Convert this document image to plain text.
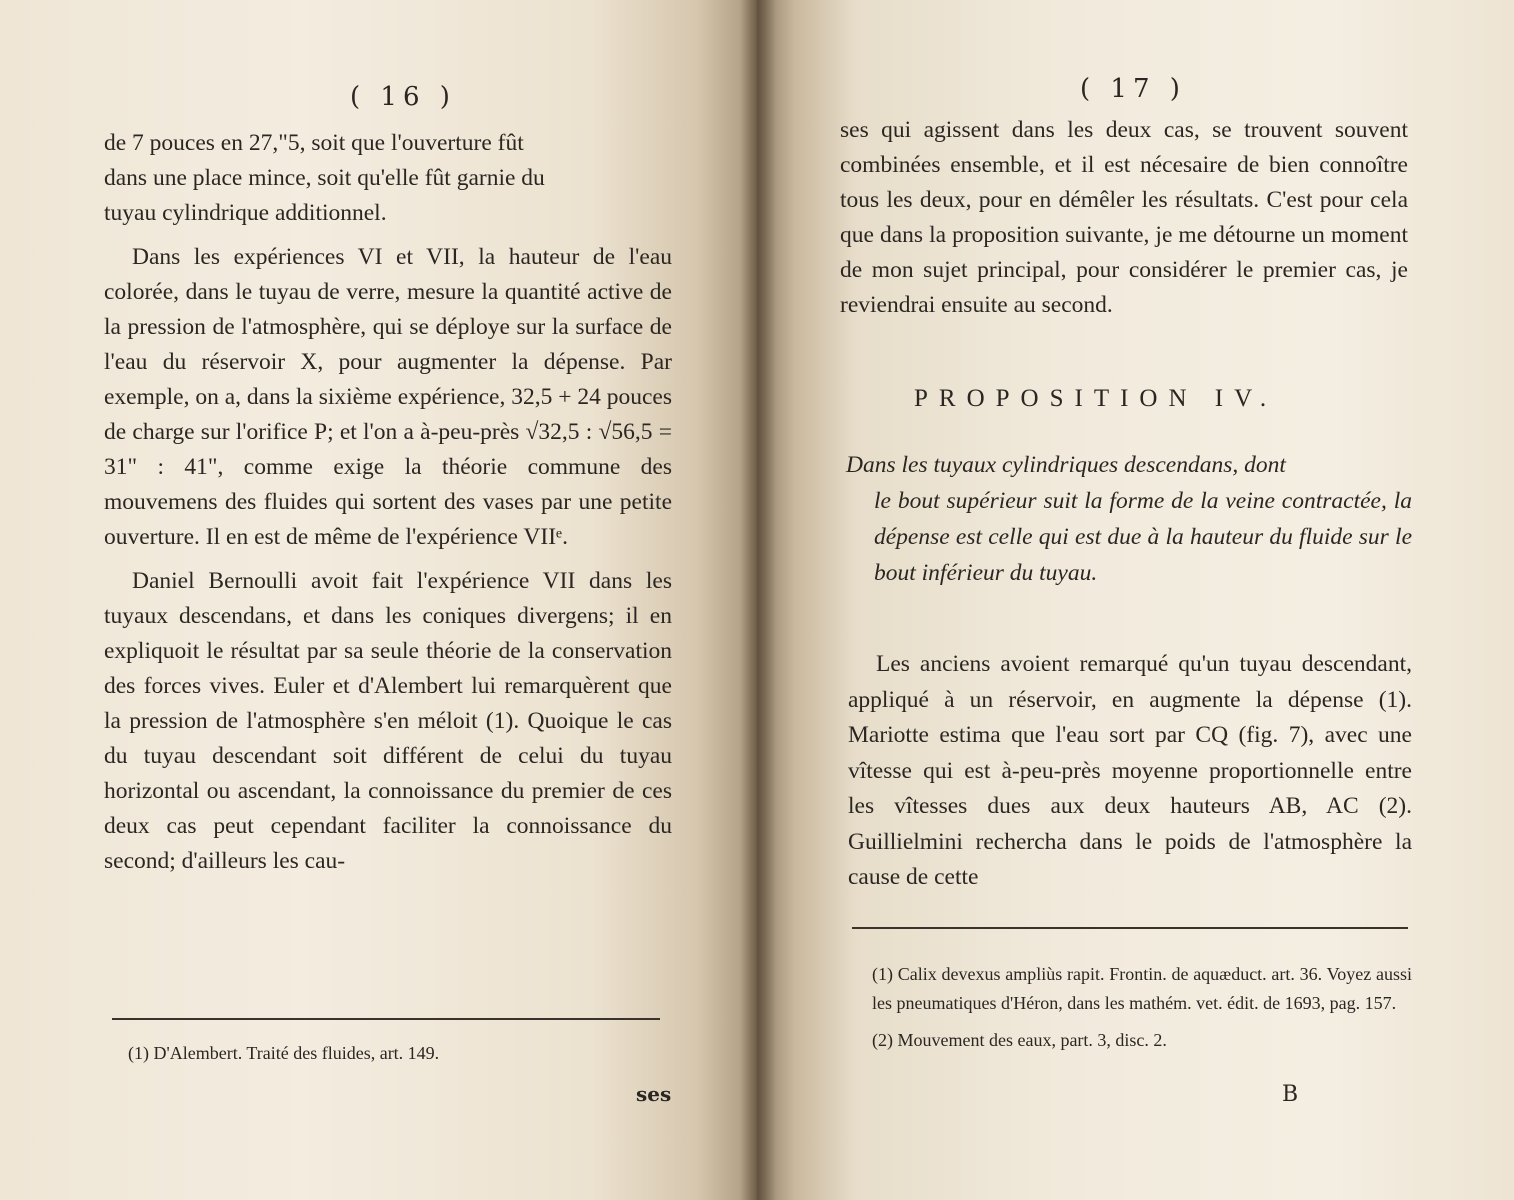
( 16 )

de 7 pouces en 27,"5, soit que l'ouverture fût

dans une place mince, soit qu'elle fût garnie du

tuyau cylindrique additionnel.

Dans les expériences VI et VII, la hauteur de l'eau colorée, dans le tuyau de verre, mesure la quantité active de la pression de l'atmosphère, qui se déploye sur la surface de l'eau du réservoir X, pour augmenter la dépense. Par exemple, on a, dans la sixième expérience, 32,5 + 24 pouces de charge sur l'orifice P; et l'on a à-peu-près √32,5 : √56,5 = 31" : 41", comme exige la théorie commune des mouvemens des fluides qui sortent des vases par une petite ouverture. Il en est de même de l'expérience VIIᵉ.

Daniel Bernoulli avoit fait l'expérience VII dans les tuyaux descendans, et dans les coniques divergens; il en expliquoit le résultat par sa seule théorie de la conservation des forces vives. Euler et d'Alembert lui remarquèrent que la pression de l'atmosphère s'en méloit (1). Quoique le cas du tuyau descendant soit différent de celui du tuyau horizontal ou ascendant, la connoissance du premier de ces deux cas peut cependant faciliter la connoissance du second; d'ailleurs les cau-

(1) D'Alembert. Traité des fluides, art. 149.
ses
( 17 )
ses qui agissent dans les deux cas, se trouvent souvent combinées ensemble, et il est nécesaire de bien connoître tous les deux, pour en démêler les résultats. C'est pour cela que dans la proposition suivante, je me détourne un moment de mon sujet principal, pour considérer le premier cas, je reviendrai ensuite au second.
PROPOSITION IV.
Dans les tuyaux cylindriques descendans, dont
le bout supérieur suit la forme de la veine contractée, la dépense est celle qui est due à la hauteur du fluide sur le bout inférieur du tuyau.

Les anciens avoient remarqué qu'un tuyau descendant, appliqué à un réservoir, en augmente la dépense (1). Mariotte estima que l'eau sort par CQ (fig. 7), avec une vîtesse qui est à-peu-près moyenne proportionnelle entre les vîtesses dues aux deux hauteurs AB, AC (2). Guillielmini recherchа dans le poids de l'atmosphère la cause de cette

(1) Calix devexus ampliùs rapit. Frontin. de aquæduct. art. 36. Voyez aussi les pneumatiques d'Héron, dans les mathém. vet. édit. de 1693, pag. 157.

(2) Mouvement des eaux, part. 3, disc. 2.

B
